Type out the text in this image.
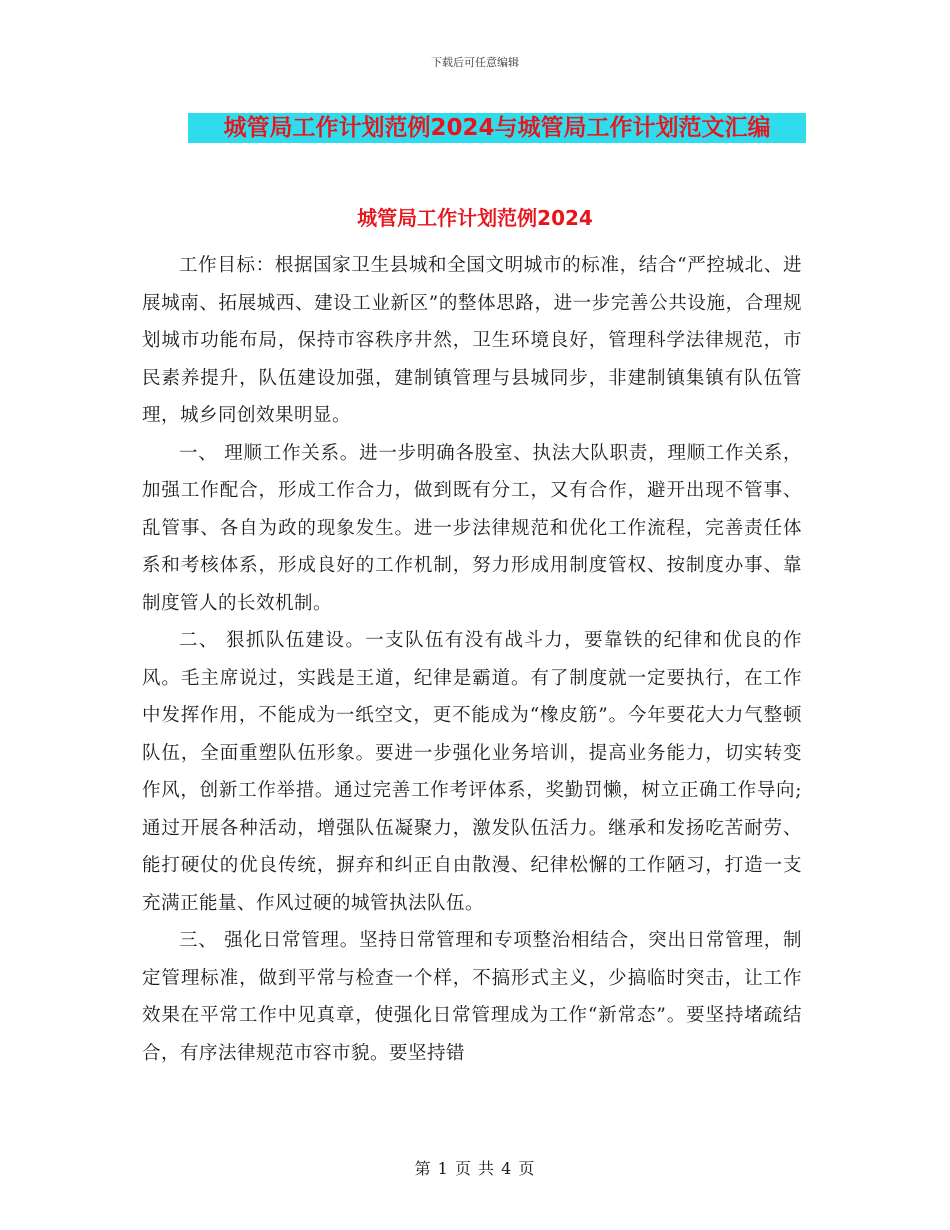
下载后可任意编辑
城管局工作计划范例2024与城管局工作计划范文汇编
城管局工作计划范例2024

工作目标：根据国家卫生县城和全国文明城市的标准，结合“严控城北、进展城南、拓展城西、建设工业新区”的整体思路，进一步完善公共设施，合理规划城市功能布局，保持市容秩序井然，卫生环境良好，管理科学法律规范，市民素养提升，队伍建设加强，建制镇管理与县城同步，非建制镇集镇有队伍管理，城乡同创效果明显。

一、 理顺工作关系。进一步明确各股室、执法大队职责，理顺工作关系，加强工作配合，形成工作合力，做到既有分工，又有合作，避开出现不管事、乱管事、各自为政的现象发生。进一步法律规范和优化工作流程，完善责任体系和考核体系，形成良好的工作机制，努力形成用制度管权、按制度办事、靠制度管人的长效机制。

二、 狠抓队伍建设。一支队伍有没有战斗力，要靠铁的纪律和优良的作风。毛主席说过，实践是王道，纪律是霸道。有了制度就一定要执行，在工作中发挥作用，不能成为一纸空文，更不能成为“橡皮筋”。今年要花大力气整顿队伍，全面重塑队伍形象。要进一步强化业务培训，提高业务能力，切实转变作风，创新工作举措。通过完善工作考评体系，奖勤罚懒，树立正确工作导向;通过开展各种活动，增强队伍凝聚力，激发队伍活力。继承和发扬吃苦耐劳、能打硬仗的优良传统，摒弃和纠正自由散漫、纪律松懈的工作陋习，打造一支充满正能量、作风过硬的城管执法队伍。

三、 强化日常管理。坚持日常管理和专项整治相结合，突出日常管理，制定管理标准，做到平常与检查一个样，不搞形式主义，少搞临时突击，让工作效果在平常工作中见真章，使强化日常管理成为工作“新常态”。要坚持堵疏结合，有序法律规范市容市貌。要坚持错

第 1 页 共 4 页
